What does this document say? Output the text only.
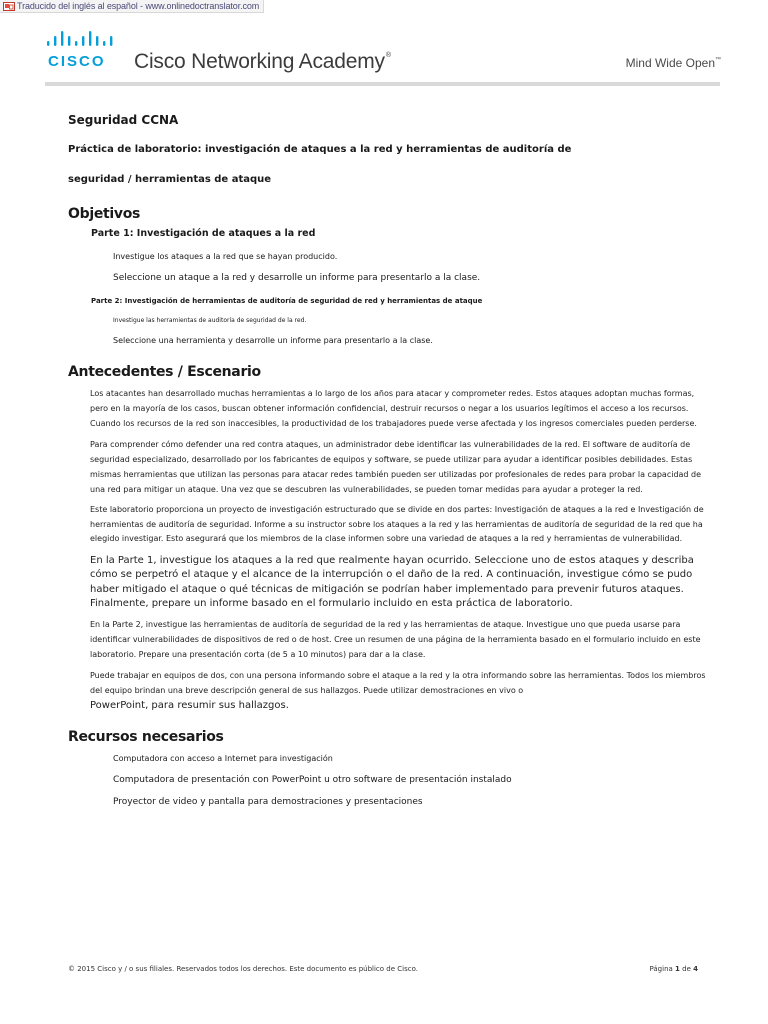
Traducido del inglés al español - www.onlinedoctranslator.com
CISCO Cisco Networking Academy®
Mind Wide Open™
Seguridad CCNA
Práctica de laboratorio: investigación de ataques a la red y herramientas de auditoría de
seguridad / herramientas de ataque
Objetivos
Parte 1: Investigación de ataques a la red
Investigue los ataques a la red que se hayan producido.
Seleccione un ataque a la red y desarrolle un informe para presentarlo a la clase.
Parte 2: Investigación de herramientas de auditoría de seguridad de red y herramientas de ataque
Investigue las herramientas de auditoría de seguridad de la red.
Seleccione una herramienta y desarrolle un informe para presentarlo a la clase.
Antecedentes / Escenario

Los atacantes han desarrollado muchas herramientas a lo largo de los años para atacar y comprometer redes. Estos ataques adoptan muchas formas, pero en la mayoría de los casos, buscan obtener información confidencial, destruir recursos o negar a los usuarios legítimos el acceso a los recursos. Cuando los recursos de la red son inaccesibles, la productividad de los trabajadores puede verse afectada y los ingresos comerciales pueden perderse.

Para comprender cómo defender una red contra ataques, un administrador debe identificar las vulnerabilidades de la red. El software de auditoría de seguridad especializado, desarrollado por los fabricantes de equipos y software, se puede utilizar para ayudar a identificar posibles debilidades. Estas mismas herramientas que utilizan las personas para atacar redes también pueden ser utilizadas por profesionales de redes para probar la capacidad de una red para mitigar un ataque. Una vez que se descubren las vulnerabilidades, se pueden tomar medidas para ayudar a proteger la red.

Este laboratorio proporciona un proyecto de investigación estructurado que se divide en dos partes: Investigación de ataques a la red e Investigación de herramientas de auditoría de seguridad. Informe a su instructor sobre los ataques a la red y las herramientas de auditoría de seguridad de la red que ha elegido investigar. Esto asegurará que los miembros de la clase informen sobre una variedad de ataques a la red y herramientas de vulnerabilidad.

En la Parte 1, investigue los ataques a la red que realmente hayan ocurrido. Seleccione uno de estos ataques y describa cómo se perpetró el ataque y el alcance de la interrupción o el daño de la red. A continuación, investigue cómo se pudo haber mitigado el ataque o qué técnicas de mitigación se podrían haber implementado para prevenir futuros ataques. Finalmente, prepare un informe basado en el formulario incluido en esta práctica de laboratorio.

En la Parte 2, investigue las herramientas de auditoría de seguridad de la red y las herramientas de ataque. Investigue uno que pueda usarse para identificar vulnerabilidades de dispositivos de red o de host. Cree un resumen de una página de la herramienta basado en el formulario incluido en este laboratorio. Prepare una presentación corta (de 5 a 10 minutos) para dar a la clase.

Puede trabajar en equipos de dos, con una persona informando sobre el ataque a la red y la otra informando sobre las herramientas. Todos los miembros del equipo brindan una breve descripción general de sus hallazgos. Puede utilizar demostraciones en vivo o

PowerPoint, para resumir sus hallazgos.

Recursos necesarios
Computadora con acceso a Internet para investigación
Computadora de presentación con PowerPoint u otro software de presentación instalado
Proyector de video y pantalla para demostraciones y presentaciones
© 2015 Cisco y / o sus filiales. Reservados todos los derechos. Este documento es público de Cisco.	Página 1 de 4
